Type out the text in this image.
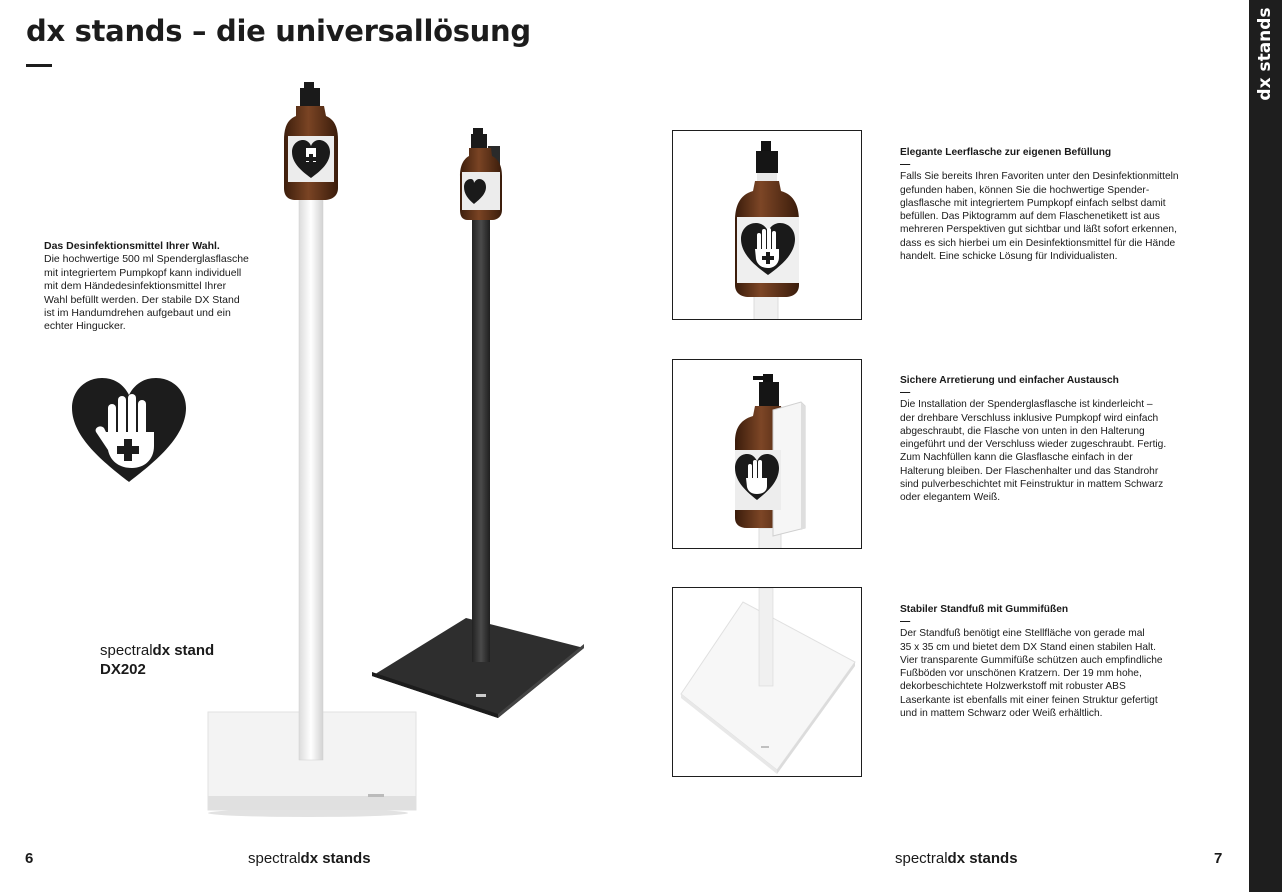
dx stands – die universallösung	dx stands
Das Desinfektionsmittel Ihrer Wahl.
Die hochwertige 500 ml Spenderglasflasche
mit integriertem Pumpkopf kann individuell
mit dem Händedesinfektionsmittel Ihrer
Wahl befüllt werden. Der stabile DX Stand
ist im Handumdrehen aufgebaut und ein
echter Hingucker.
spectraldx stand
DX202
Elegante Leerflasche zur eigenen Befüllung
—
Falls Sie bereits Ihren Favoriten unter den Desinfektionmitteln
gefunden haben, können Sie die hochwertige Spender-
glasflasche mit integriertem Pumpkopf einfach selbst damit
befüllen. Das Piktogramm auf dem Flaschenetikett ist aus
mehreren Perspektiven gut sichtbar und läßt sofort erkennen,
dass es sich hierbei um ein Desinfektionsmittel für die Hände
handelt. Eine schicke Lösung für Individualisten.
Sichere Arretierung und einfacher Austausch
—
Die Installation der Spenderglasflasche ist kinderleicht –
der drehbare Verschluss inklusive Pumpkopf wird einfach
abgeschraubt, die Flasche von unten in den Halterung
eingeführt und der Verschluss wieder zugeschraubt. Fertig.
Zum Nachfüllen kann die Glasflasche einfach in der
Halterung bleiben. Der Flaschenhalter und das Standrohr
sind pulverbeschichtet mit Feinstruktur in mattem Schwarz
oder elegantem Weiß.
Stabiler Standfuß mit Gummifüßen
—
Der Standfuß benötigt eine Stellfläche von gerade mal
35 x 35 cm und bietet dem DX Stand einen stabilen Halt.
Vier transparente Gummifüße schützen auch empfindliche
Fußböden vor unschönen Kratzern. Der 19 mm hohe,
dekorbeschichtete Holzwerkstoff mit robuster ABS
Laserkante ist ebenfalls mit einer feinen Struktur gefertigt
und in mattem Schwarz oder Weiß erhältlich.
6	spectraldx stands	spectraldx stands	7
